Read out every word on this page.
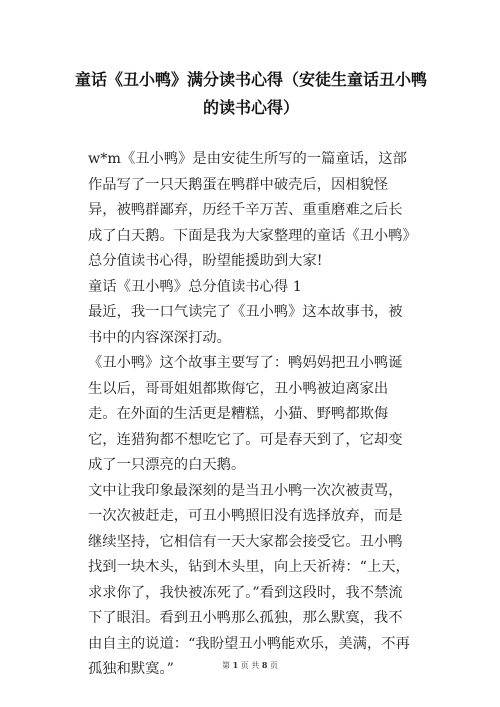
童话《丑小鸭》满分读书心得（安徒生童话丑小鸭的读书心得）

w*m《丑小鸭》是由安徒生所写的一篇童话，这部作品写了一只天鹅蛋在鸭群中破壳后，因相貌怪异，被鸭群鄙弃，历经千辛万苦、重重磨难之后长成了白天鹅。下面是我为大家整理的童话《丑小鸭》总分值读书心得，盼望能援助到大家!

童话《丑小鸭》总分值读书心得 1

最近，我一口气读完了《丑小鸭》这本故事书，被书中的内容深深打动。

《丑小鸭》这个故事主要写了：鸭妈妈把丑小鸭诞生以后，哥哥姐姐都欺侮它，丑小鸭被迫离家出走。在外面的生活更是糟糕，小猫、野鸭都欺侮它，连猎狗都不想吃它了。可是春天到了，它却变成了一只漂亮的白天鹅。

文中让我印象最深刻的是当丑小鸭一次次被责骂，一次次被赶走，可丑小鸭照旧没有选择放弃，而是继续坚持，它相信有一天大家都会接受它。丑小鸭找到一块木头，钻到木头里，向上天祈祷：“上天，求求你了，我快被冻死了。”看到这段时，我不禁流下了眼泪。看到丑小鸭那么孤独，那么默寞，我不由自主的说道：“我盼望丑小鸭能欢乐，美满，不再孤独和默寞。”	第 1 页 共 8 页
